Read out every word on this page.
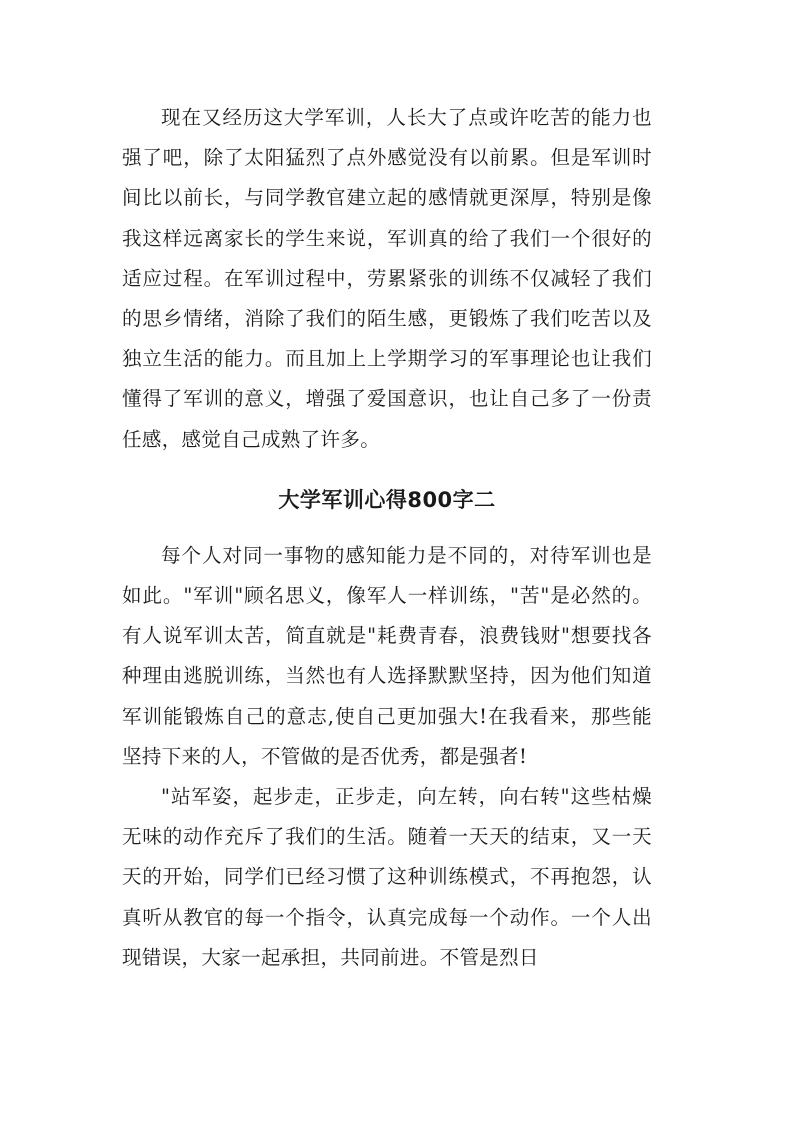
现在又经历这大学军训，人长大了点或许吃苦的能力也强了吧，除了太阳猛烈了点外感觉没有以前累。但是军训时间比以前长，与同学教官建立起的感情就更深厚，特别是像我这样远离家长的学生来说，军训真的给了我们一个很好的适应过程。在军训过程中，劳累紧张的训练不仅减轻了我们的思乡情绪，消除了我们的陌生感，更锻炼了我们吃苦以及独立生活的能力。而且加上上学期学习的军事理论也让我们懂得了军训的意义，增强了爱国意识，也让自己多了一份责任感，感觉自己成熟了许多。

大学军训心得800字二

每个人对同一事物的感知能力是不同的，对待军训也是如此。"军训"顾名思义，像军人一样训练，"苦"是必然的。有人说军训太苦，简直就是"耗费青春，浪费钱财"想要找各种理由逃脱训练，当然也有人选择默默坚持，因为他们知道军训能锻炼自己的意志,使自己更加强大!在我看来，那些能坚持下来的人，不管做的是否优秀，都是强者!

"站军姿，起步走，正步走，向左转，向右转"这些枯燥无味的动作充斥了我们的生活。随着一天天的结束，又一天天的开始，同学们已经习惯了这种训练模式，不再抱怨，认真听从教官的每一个指令，认真完成每一个动作。一个人出现错误，大家一起承担，共同前进。不管是烈日
